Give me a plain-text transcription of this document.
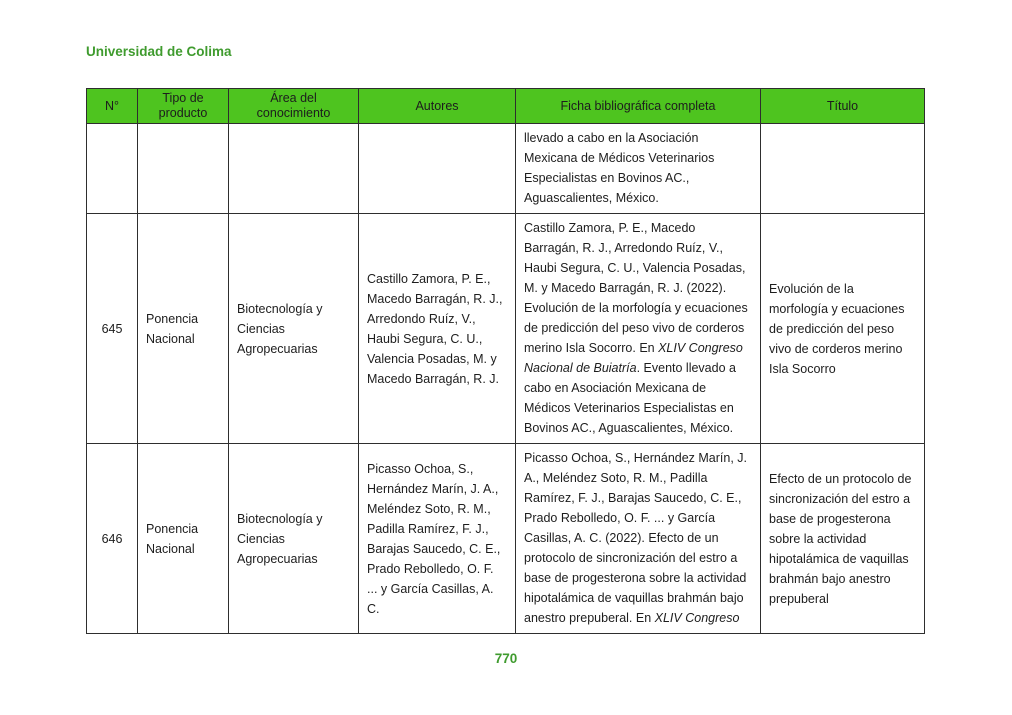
Universidad de Colima
N°	Tipo de producto	Área del conocimiento	Autores	Ficha bibliográfica completa	Título
				llevado a cabo en la Asociación Mexicana de Médicos Veterinarios Especialistas en Bovinos AC., Aguascalientes, México.	
645	Ponencia Nacional	Biotecnología y Ciencias Agropecuarias	Castillo Zamora, P. E., Macedo Barragán, R. J., Arredondo Ruíz, V., Haubi Segura, C. U., Valencia Posadas, M. y Macedo Barragán, R. J.	Castillo Zamora, P. E., Macedo Barragán, R. J., Arredondo Ruíz, V., Haubi Segura, C. U., Valencia Posadas, M. y Macedo Barragán, R. J. (2022). Evolución de la morfología y ecuaciones de predicción del peso vivo de corderos merino Isla Socorro. En XLIV Congreso Nacional de Buiatría. Evento llevado a cabo en Asociación Mexicana de Médicos Veterinarios Especialistas en Bovinos AC., Aguascalientes, México.	Evolución de la morfología y ecuaciones de predicción del peso vivo de corderos merino Isla Socorro
646	Ponencia Nacional	Biotecnología y Ciencias Agropecuarias	Picasso Ochoa, S., Hernández Marín, J. A., Meléndez Soto, R. M., Padilla Ramírez, F. J., Barajas Saucedo, C. E., Prado Rebolledo, O. F. ... y García Casillas, A. C.	Picasso Ochoa, S., Hernández Marín, J. A., Meléndez Soto, R. M., Padilla Ramírez, F. J., Barajas Saucedo, C. E., Prado Rebolledo, O. F. ... y García Casillas, A. C. (2022). Efecto de un protocolo de sincronización del estro a base de progesterona sobre la actividad hipotalámica de vaquillas brahmán bajo anestro prepuberal. En XLIV Congreso	Efecto de un protocolo de sincronización del estro a base de progesterona sobre la actividad hipotalámica de vaquillas brahmán bajo anestro prepuberal
770
